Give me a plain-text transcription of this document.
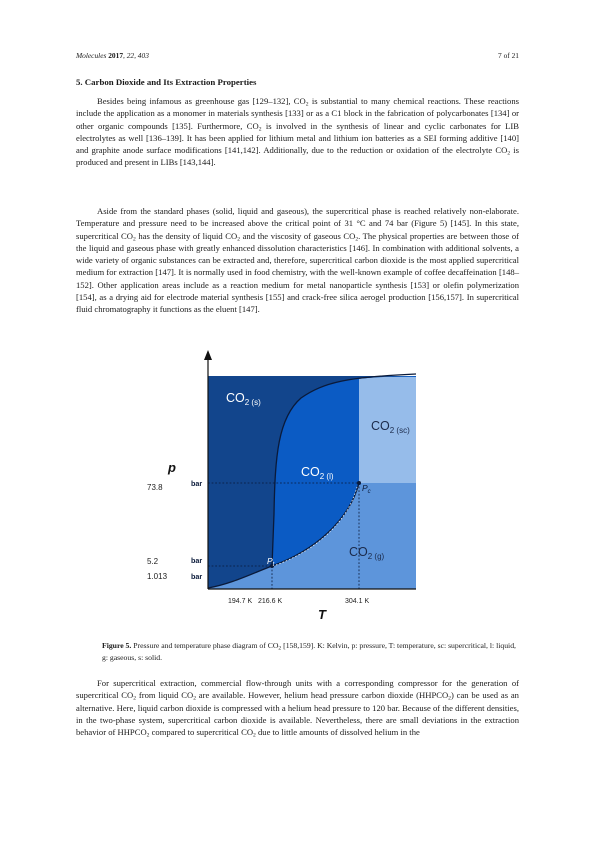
Molecules 2017, 22, 403	7 of 21
5. Carbon Dioxide and Its Extraction Properties

Besides being infamous as greenhouse gas [129–132], $CO_2$ is substantial to many chemical reactions. These reactions include the application as a monomer in materials synthesis [133] or as a C1 block in the fabrication of polycarbonates [134] or other organic compounds [135]. Furthermore, $CO_2$ is involved in the synthesis of linear and cyclic carbonates for LIB electrolytes as well [136–139]. It has been applied for lithium metal and lithium ion batteries as a SEI forming additive [140] and graphite anode surface modifications [141,142]. Additionally, due to the reduction or oxidation of the electrolyte $CO_2$ is produced and present in LIBs [143,144].

Aside from the standard phases (solid, liquid and gaseous), the supercritical phase is reached relatively non-elaborate. Temperature and pressure need to be increased above the critical point of 31 °C and 74 bar (Figure 5) [145]. In this state, supercritical $CO_2$ has the density of liquid $CO_2$ and the viscosity of gaseous $CO_2$. The physical properties are between those of the liquid and gaseous phase with greatly enhanced dissolution characteristics [146]. In combination with additional solvents, a wide variety of organic substances can be extracted and, therefore, supercritical carbon dioxide is the most applied supercritical medium for extraction [147]. It is normally used in food chemistry, with the well-known example of coffee decaffeination [148–152]. Other application areas include as a reaction medium for metal nanoparticle synthesis [153] or olefin polymerization [154], as a drying aid for electrode material synthesis [155] and crack-free silica aerogel production [156,157]. In supercritical fluid chromatography it functions as the eluent [147].

$CO_{2 (s)}$
$CO_{2 (l)}$
$CO_{2 (g)}$
$CO_{2 (sc)}$
$P_c$
$P_t$
bar
bar
bar
73.8
5.2
1.013
p
T
194.7 K 216.6 K	304.1 K

Figure 5. Pressure and temperature phase diagram of $CO_2$ [158,159]. K: Kelvin, p: pressure, T: temperature, sc: supercritical, l: liquid, g: gaseous, s: solid.

For supercritical extraction, commercial flow-through units with a corresponding compressor for the generation of supercritical $CO_2$ from liquid $CO_2$ are available. However, helium head pressure carbon dioxide $(HHPCO_2)$ can be used as an alternative. Here, liquid carbon dioxide is compressed with a helium head pressure to 120 bar. Because of the different densities, in the two-phase system, supercritical carbon dioxide is available. Nevertheless, there are small deviations in the extraction behavior of $HHPCO_2$ compared to supercritical $CO_2$ due to little amounts of dissolved helium in the
